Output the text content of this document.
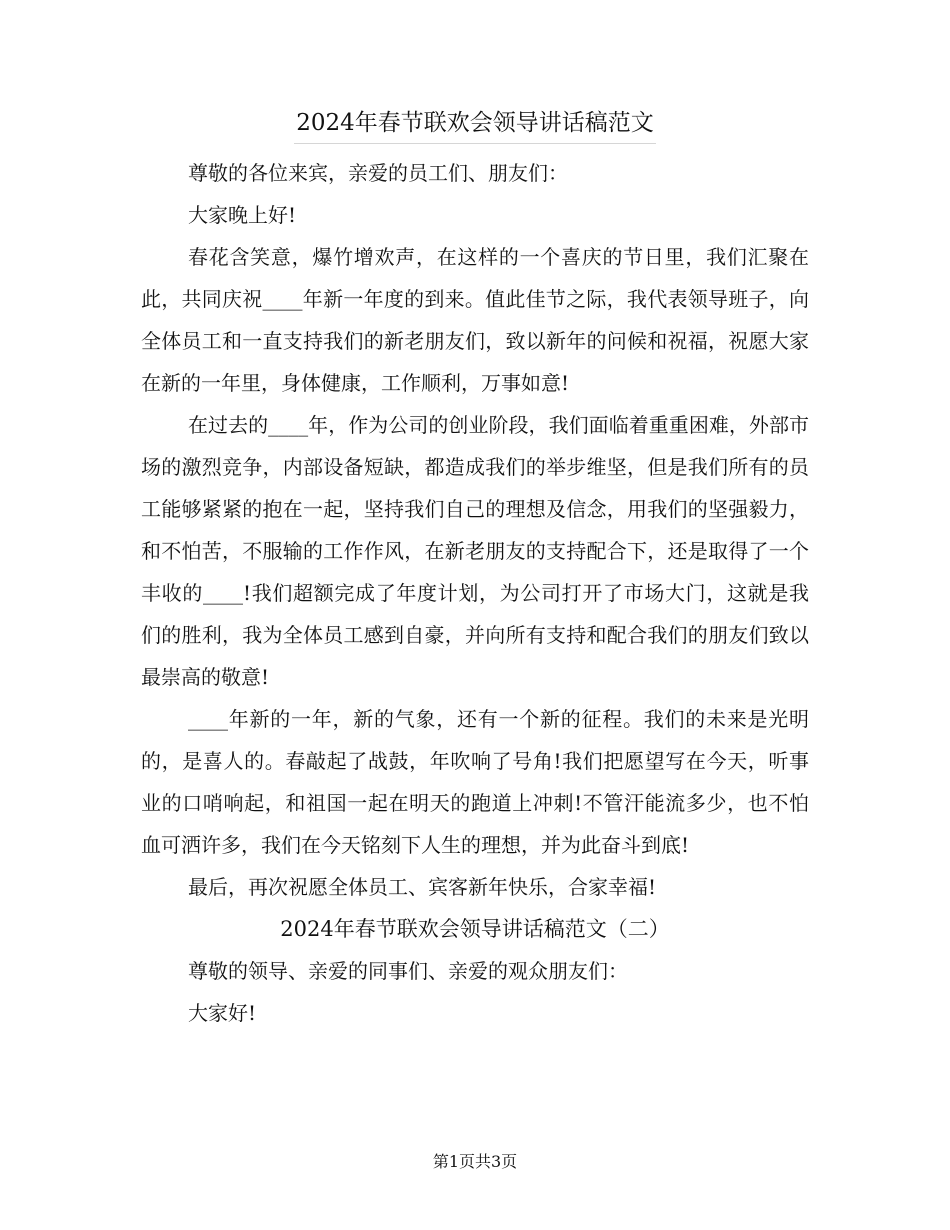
2024年春节联欢会领导讲话稿范文

尊敬的各位来宾，亲爱的员工们、朋友们：

大家晚上好!

春花含笑意，爆竹增欢声，在这样的一个喜庆的节日里，我们汇聚在此，共同庆祝____年新一年度的到来。值此佳节之际，我代表领导班子，向全体员工和一直支持我们的新老朋友们，致以新年的问候和祝福，祝愿大家在新的一年里，身体健康，工作顺利，万事如意!

在过去的____年，作为公司的创业阶段，我们面临着重重困难，外部市场的激烈竞争，内部设备短缺，都造成我们的举步维坚，但是我们所有的员工能够紧紧的抱在一起，坚持我们自己的理想及信念，用我们的坚强毅力，和不怕苦，不服输的工作作风，在新老朋友的支持配合下，还是取得了一个丰收的____!我们超额完成了年度计划，为公司打开了市场大门，这就是我们的胜利，我为全体员工感到自豪，并向所有支持和配合我们的朋友们致以最崇高的敬意!

____年新的一年，新的气象，还有一个新的征程。我们的未来是光明的，是喜人的。春敲起了战鼓，年吹响了号角!我们把愿望写在今天，听事业的口哨响起，和祖国一起在明天的跑道上冲刺!不管汗能流多少，也不怕血可洒许多，我们在今天铭刻下人生的理想，并为此奋斗到底!

最后，再次祝愿全体员工、宾客新年快乐，合家幸福!

2024年春节联欢会领导讲话稿范文（二）

尊敬的领导、亲爱的同事们、亲爱的观众朋友们：

大家好!

第1页共3页
